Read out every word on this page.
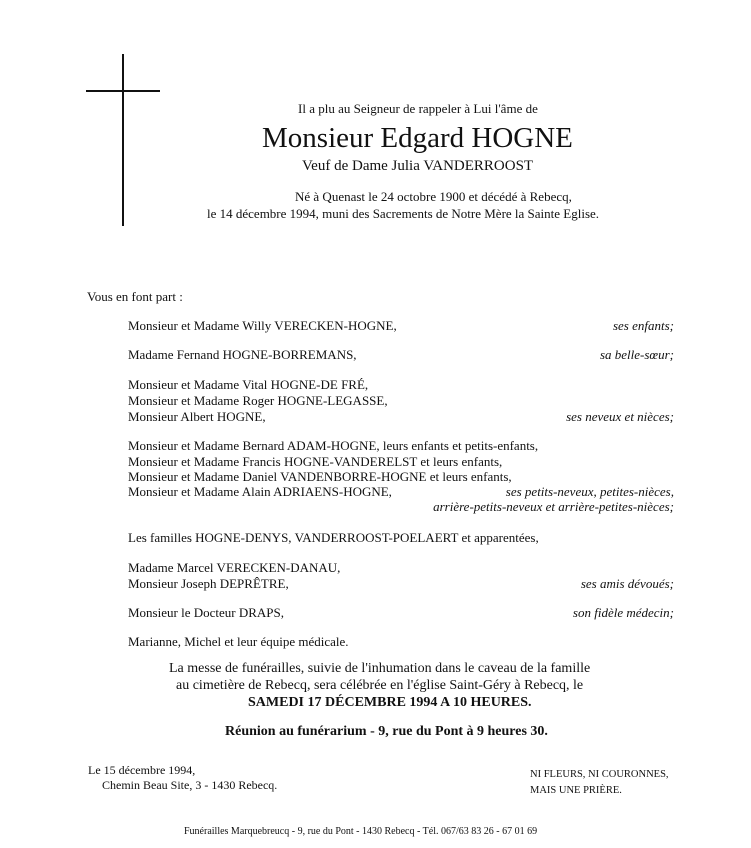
Il a plu au Seigneur de rappeler à Lui l'âme de
Monsieur Edgard HOGNE
Veuf de Dame Julia VANDERROOST
Né à Quenast le 24 octobre 1900 et décédé à Rebecq,
le 14 décembre 1994, muni des Sacrements de Notre Mère la Sainte Eglise.
Vous en font part :
Monsieur et Madame Willy VERECKEN-HOGNE,	ses enfants;
Madame Fernand HOGNE-BORREMANS,	sa belle-sœur;
Monsieur et Madame Vital HOGNE-DE FRÉ,
Monsieur et Madame Roger HOGNE-LEGASSE,
Monsieur Albert HOGNE,	ses neveux et nièces;
Monsieur et Madame Bernard ADAM-HOGNE, leurs enfants et petits-enfants,
Monsieur et Madame Francis HOGNE-VANDERELST et leurs enfants,
Monsieur et Madame Daniel VANDENBORRE-HOGNE et leurs enfants,
Monsieur et Madame Alain ADRIAENS-HOGNE,	ses petits-neveux, petites-nièces,
arrière-petits-neveux et arrière-petites-nièces;
Les familles HOGNE-DENYS, VANDERROOST-POELAERT et apparentées,
Madame Marcel VERECKEN-DANAU,
Monsieur Joseph DEPRÊTRE,	ses amis dévoués;
Monsieur le Docteur DRAPS,	son fidèle médecin;
Marianne, Michel et leur équipe médicale.
La messe de funérailles, suivie de l'inhumation dans le caveau de la famille
au cimetière de Rebecq, sera célébrée en l'église Saint-Géry à Rebecq, le
SAMEDI 17 DÉCEMBRE 1994 A 10 HEURES.
Réunion au funérarium - 9, rue du Pont à 9 heures 30.
Le 15 décembre 1994,
Chemin Beau Site, 3 - 1430 Rebecq.
NI FLEURS, NI COURONNES,
MAIS UNE PRIÈRE.
Funérailles Marquebreucq - 9, rue du Pont - 1430 Rebecq - Tél. 067/63 83 26 - 67 01 69
